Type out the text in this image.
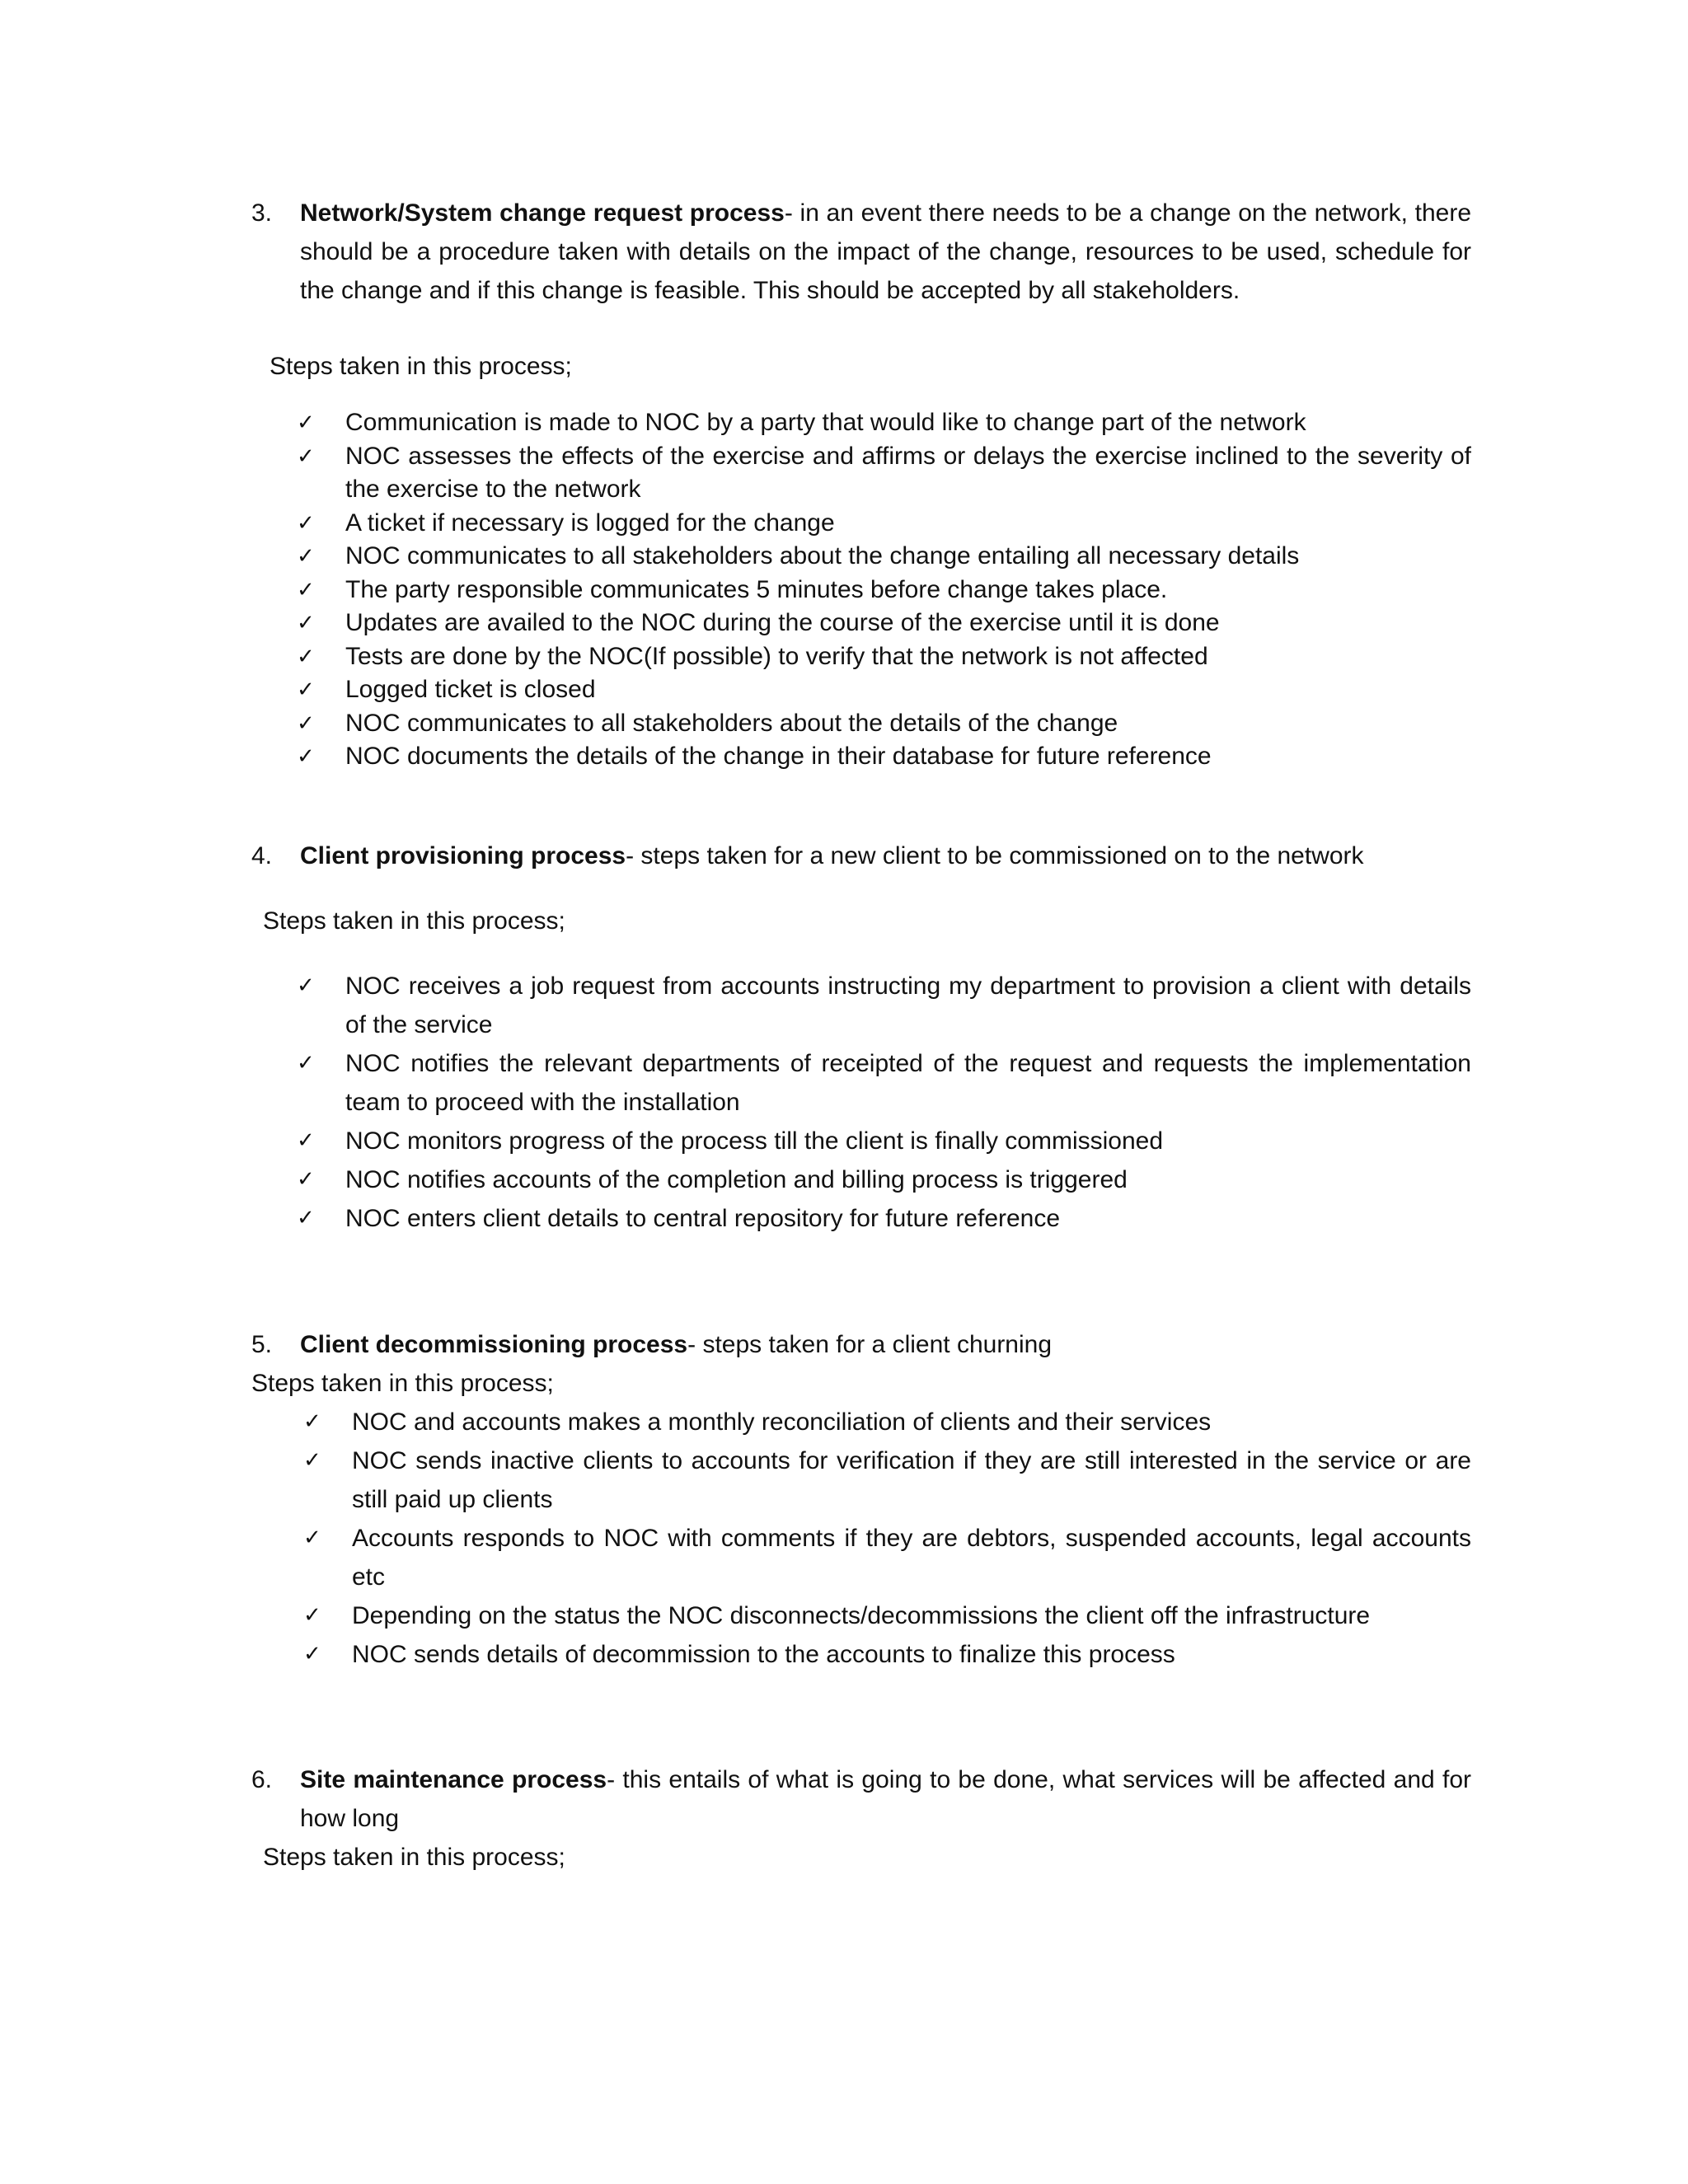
3. Network/System change request process- in an event there needs to be a change on the network, there should be a procedure taken with details on the impact of the change, resources to be used, schedule for the change and if this change is feasible. This should be accepted by all stakeholders.
Steps taken in this process;
✓ Communication is made to NOC by a party that would like to change part of the network
✓ NOC assesses the effects of the exercise and affirms or delays the exercise inclined to the severity of the exercise to the network
✓ A ticket if necessary is logged for the change
✓ NOC communicates to all stakeholders about the change entailing all necessary details
✓ The party responsible communicates 5 minutes before change takes place.
✓ Updates are availed to the NOC during the course of the exercise until it is done
✓ Tests are done by the NOC(If possible) to verify that the network is not affected
✓ Logged ticket is closed
✓ NOC communicates to all stakeholders about the details of the change
✓ NOC documents the details of the change in their database for future reference
4. Client provisioning process- steps taken for a new client to be commissioned on to the network
Steps taken in this process;
✓ NOC receives a job request from accounts instructing my department to provision a client with details of the service
✓ NOC notifies the relevant departments of receipted of the request and requests the implementation team to proceed with the installation
✓ NOC monitors progress of the process till the client is finally commissioned
✓ NOC notifies accounts of the completion and billing process is triggered
✓ NOC enters client details to central repository for future reference
5. Client decommissioning process- steps taken for a client churning
Steps taken in this process;
✓ NOC and accounts makes a monthly reconciliation of clients and their services
✓ NOC sends inactive clients to accounts for verification if they are still interested in the service or are still paid up clients
✓ Accounts responds to NOC with comments if they are debtors, suspended accounts, legal accounts etc
✓ Depending on the status the NOC disconnects/decommissions the client off the infrastructure
✓ NOC sends details of decommission to the accounts to finalize this process
6. Site maintenance process- this entails of what is going to be done, what services will be affected and for how long
Steps taken in this process;
